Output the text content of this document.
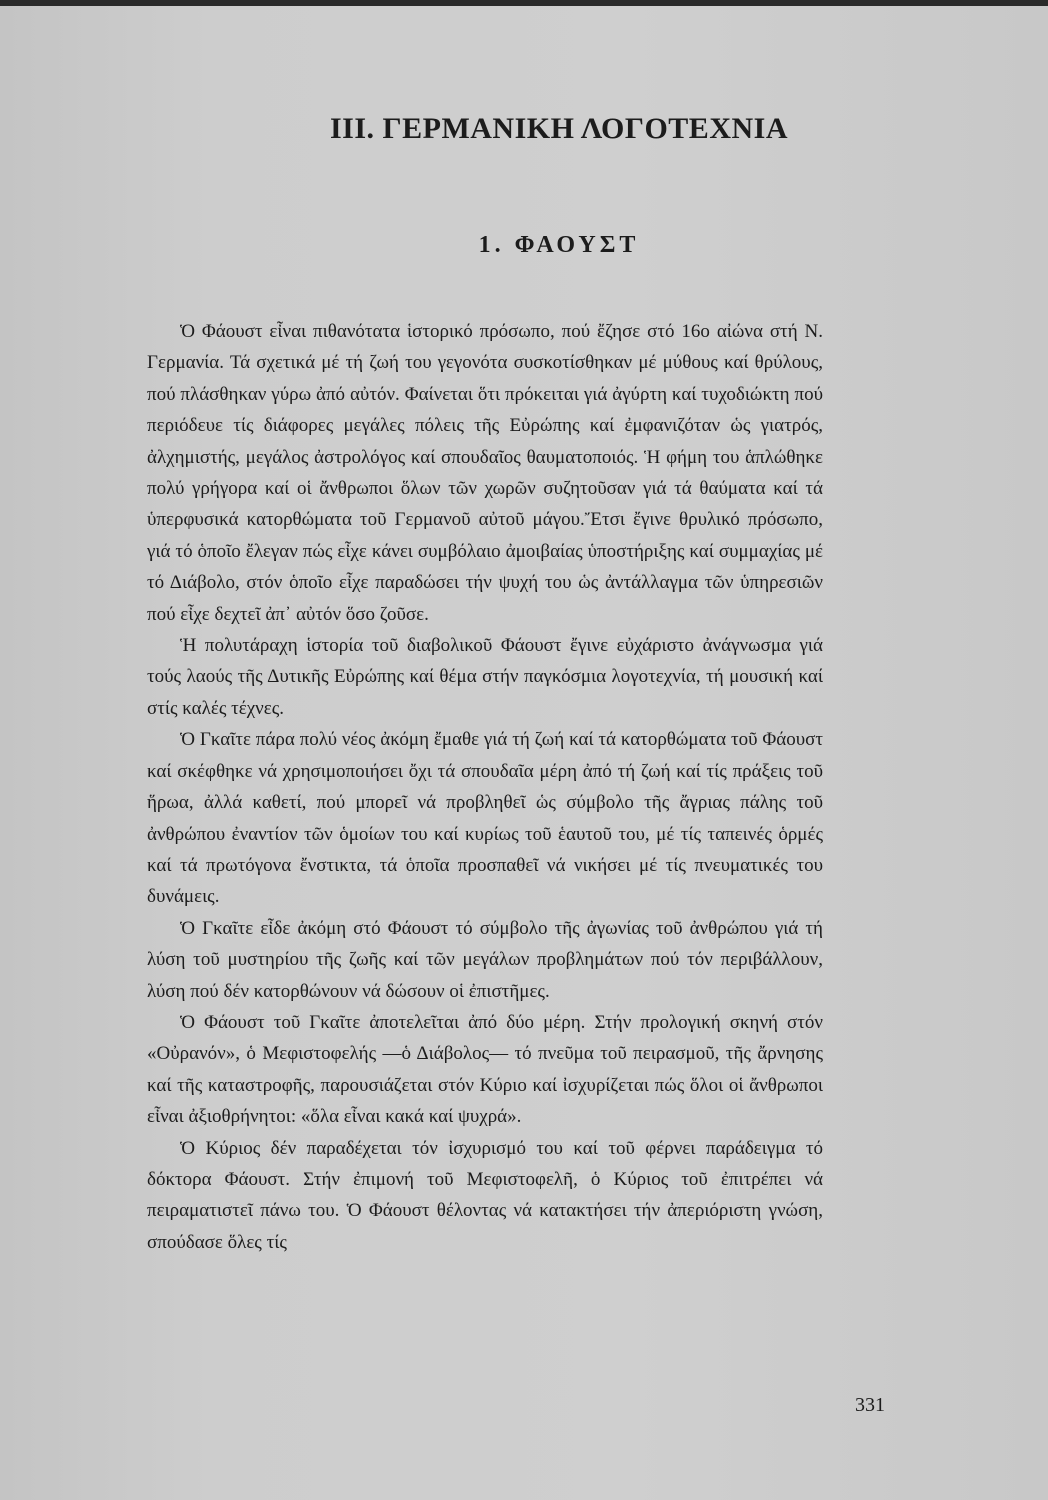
III. ΓΕΡΜΑΝΙΚΗ ΛΟΓΟΤΕΧΝΙΑ
1. ΦΑΟΥΣΤ

Ὁ Φάουστ εἶναι πιθανότατα ἱστορικό πρόσωπο, πού ἔζησε στό 16ο αἰώνα στή Ν. Γερμανία. Τά σχετικά μέ τή ζωή του γεγονότα συσκοτίσθηκαν μέ μύθους καί θρύλους, πού πλάσθηκαν γύρω ἀπό αὐτόν. Φαίνεται ὅτι πρόκειται γιά ἀγύρτη καί τυχοδιώκτη πού περιόδευε τίς διάφορες μεγάλες πόλεις τῆς Εὐρώπης καί ἐμφανιζόταν ὡς γιατρός, ἀλχημιστής, μεγάλος ἀστρολόγος καί σπουδαῖος θαυματοποιός. Ἡ φήμη του ἁπλώθηκε πολύ γρήγορα καί οἱ ἄνθρωποι ὅλων τῶν χωρῶν συζητοῦσαν γιά τά θαύματα καί τά ὑπερφυσικά κατορθώματα τοῦ Γερμανοῦ αὐτοῦ μάγου.Ἔτσι ἔγινε θρυλικό πρόσωπο, γιά τό ὁποῖο ἔλεγαν πώς εἶχε κάνει συμβόλαιο ἀμοιβαίας ὑποστήριξης καί συμμαχίας μέ τό Διάβολο, στόν ὁποῖο εἶχε παραδώσει τήν ψυχή του ὡς ἀντάλλαγμα τῶν ὑπηρεσιῶν πού εἶχε δεχτεῖ ἀπ᾿ αὐτόν ὅσο ζοῦσε.

Ἡ πολυτάραχη ἱστορία τοῦ διαβολικοῦ Φάουστ ἔγινε εὐχάριστο ἀνάγνωσμα γιά τούς λαούς τῆς Δυτικῆς Εὐρώπης καί θέμα στήν παγκόσμια λογοτεχνία, τή μουσική καί στίς καλές τέχνες.

Ὁ Γκαῖτε πάρα πολύ νέος ἀκόμη ἔμαθε γιά τή ζωή καί τά κατορθώματα τοῦ Φάουστ καί σκέφθηκε νά χρησιμοποιήσει ὄχι τά σπουδαῖα μέρη ἀπό τή ζωή καί τίς πράξεις τοῦ ἥρωα, ἀλλά καθετί, πού μπορεῖ νά προβληθεῖ ὡς σύμβολο τῆς ἄγριας πάλης τοῦ ἀνθρώπου ἐναντίον τῶν ὁμοίων του καί κυρίως τοῦ ἑαυτοῦ του, μέ τίς ταπεινές ὁρμές καί τά πρωτόγονα ἔνστικτα, τά ὁποῖα προσπαθεῖ νά νικήσει μέ τίς πνευματικές του δυνάμεις.

Ὁ Γκαῖτε εἶδε ἀκόμη στό Φάουστ τό σύμβολο τῆς ἀγωνίας τοῦ ἀνθρώπου γιά τή λύση τοῦ μυστηρίου τῆς ζωῆς καί τῶν μεγάλων προβλημάτων πού τόν περιβάλλουν, λύση πού δέν κατορθώνουν νά δώσουν οἱ ἐπιστῆμες.

Ὁ Φάουστ τοῦ Γκαῖτε ἀποτελεῖται ἀπό δύο μέρη. Στήν προλογική σκηνή στόν «Οὐρανόν», ὁ Μεφιστοφελής —ὁ Διάβολος— τό πνεῦμα τοῦ πειρασμοῦ, τῆς ἄρνησης καί τῆς καταστροφῆς, παρουσιάζεται στόν Κύριο καί ἰσχυρίζεται πώς ὅλοι οἱ ἄνθρωποι εἶναι ἀξιοθρήνητοι: «ὅλα εἶναι κακά καί ψυχρά».

Ὁ Κύριος δέν παραδέχεται τόν ἰσχυρισμό του καί τοῦ φέρνει παράδειγμα τό δόκτορα Φάουστ. Στήν ἐπιμονή τοῦ Μεφιστοφελῆ, ὁ Κύριος τοῦ ἐπιτρέπει νά πειραματιστεῖ πάνω του. Ὁ Φάουστ θέλοντας νά κατακτήσει τήν ἀπεριόριστη γνώση, σπούδασε ὅλες τίς

331
